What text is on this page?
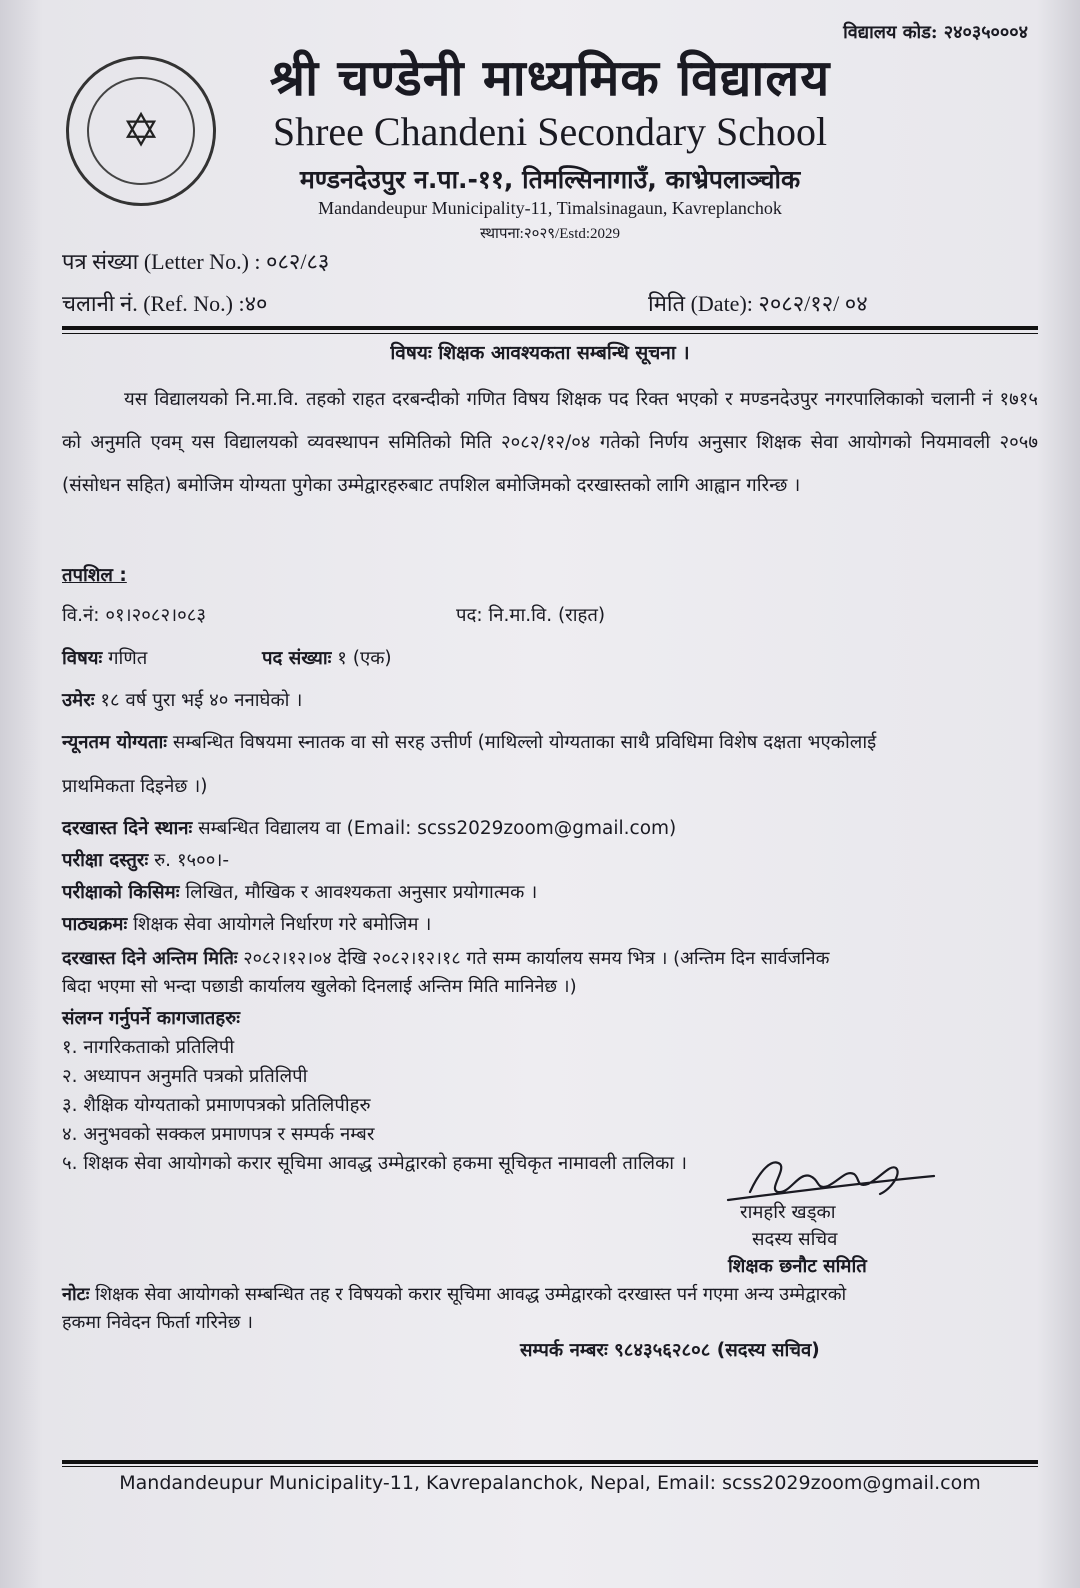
विद्यालय कोड: २४०३५०००४
✡
श्री चण्डेनी माध्यमिक विद्यालय
Shree Chandeni Secondary School
मण्डनदेउपुर न.पा.-११, तिमल्सिनागाउँ, काभ्रेपलाञ्चोक
Mandandeupur Municipality-11, Timalsinagaun, Kavreplanchok
स्थापना:२०२९/Estd:2029
पत्र संख्या (Letter No.) : ०८२/८३
चलानी नं. (Ref. No.) :४०	मिति (Date): २०८२/१२/ ०४
विषयः शिक्षक आवश्यकता सम्बन्धि सूचना ।
यस विद्यालयको नि.मा.वि. तहको राहत दरबन्दीको गणित विषय शिक्षक पद रिक्त भएको र मण्डनदेउपुर नगरपालिकाको चलानी नं १७१५ को अनुमति एवम् यस विद्यालयको व्यवस्थापन समितिको मिति २०८२/१२/०४ गतेको निर्णय अनुसार शिक्षक सेवा आयोगको नियमावली २०५७ (संसोधन सहित) बमोजिम योग्यता पुगेका उम्मेद्वारहरुबाट तपशिल बमोजिमको दरखास्तको लागि आह्वान गरिन्छ ।
तपशिल :
वि.नं: ०१।२०८२।०८३	पद: नि.मा.वि. (राहत)
विषयः गणित	पद संख्याः १ (एक)
उमेरः १८ वर्ष पुरा भई ४० ननाघेको ।
न्यूनतम योग्यताः सम्बन्धित विषयमा स्नातक वा सो सरह उत्तीर्ण (माथिल्लो योग्यताका साथै प्रविधिमा विशेष दक्षता भएकोलाई
प्राथमिकता दिइनेछ ।)
दरखास्त दिने स्थानः सम्बन्धित विद्यालय वा (Email: scss2029zoom@gmail.com)
परीक्षा दस्तुरः रु. १५००।-
परीक्षाको किसिमः लिखित, मौखिक र आवश्यकता अनुसार प्रयोगात्मक ।
पाठ्यक्रमः शिक्षक सेवा आयोगले निर्धारण गरे बमोजिम ।
दरखास्त दिने अन्तिम मितिः २०८२।१२।०४ देखि २०८२।१२।१८ गते सम्म कार्यालय समय भित्र । (अन्तिम दिन सार्वजनिक
बिदा भएमा सो भन्दा पछाडी कार्यालय खुलेको दिनलाई अन्तिम मिति मानिनेछ ।)
संलग्न गर्नुपर्ने कागजातहरुः
१. नागरिकताको प्रतिलिपी
२. अध्यापन अनुमति पत्रको प्रतिलिपी
३. शैक्षिक योग्यताको प्रमाणपत्रको प्रतिलिपीहरु
४. अनुभवको सक्कल प्रमाणपत्र र सम्पर्क नम्बर
५. शिक्षक सेवा आयोगको करार सूचिमा आवद्ध उम्मेद्वारको हकमा सूचिकृत नामावली तालिका ।
रामहरि खड्का
सदस्य सचिव
शिक्षक छनौट समिति
नोटः शिक्षक सेवा आयोगको सम्बन्धित तह र विषयको करार सूचिमा आवद्ध उम्मेद्वारको दरखास्त पर्न गएमा अन्य उम्मेद्वारको
हकमा निवेदन फिर्ता गरिनेछ ।
सम्पर्क नम्बरः ९८४३५६२८०८ (सदस्य सचिव)
Mandandeupur Municipality-11, Kavrepalanchok, Nepal, Email: scss2029zoom@gmail.com
